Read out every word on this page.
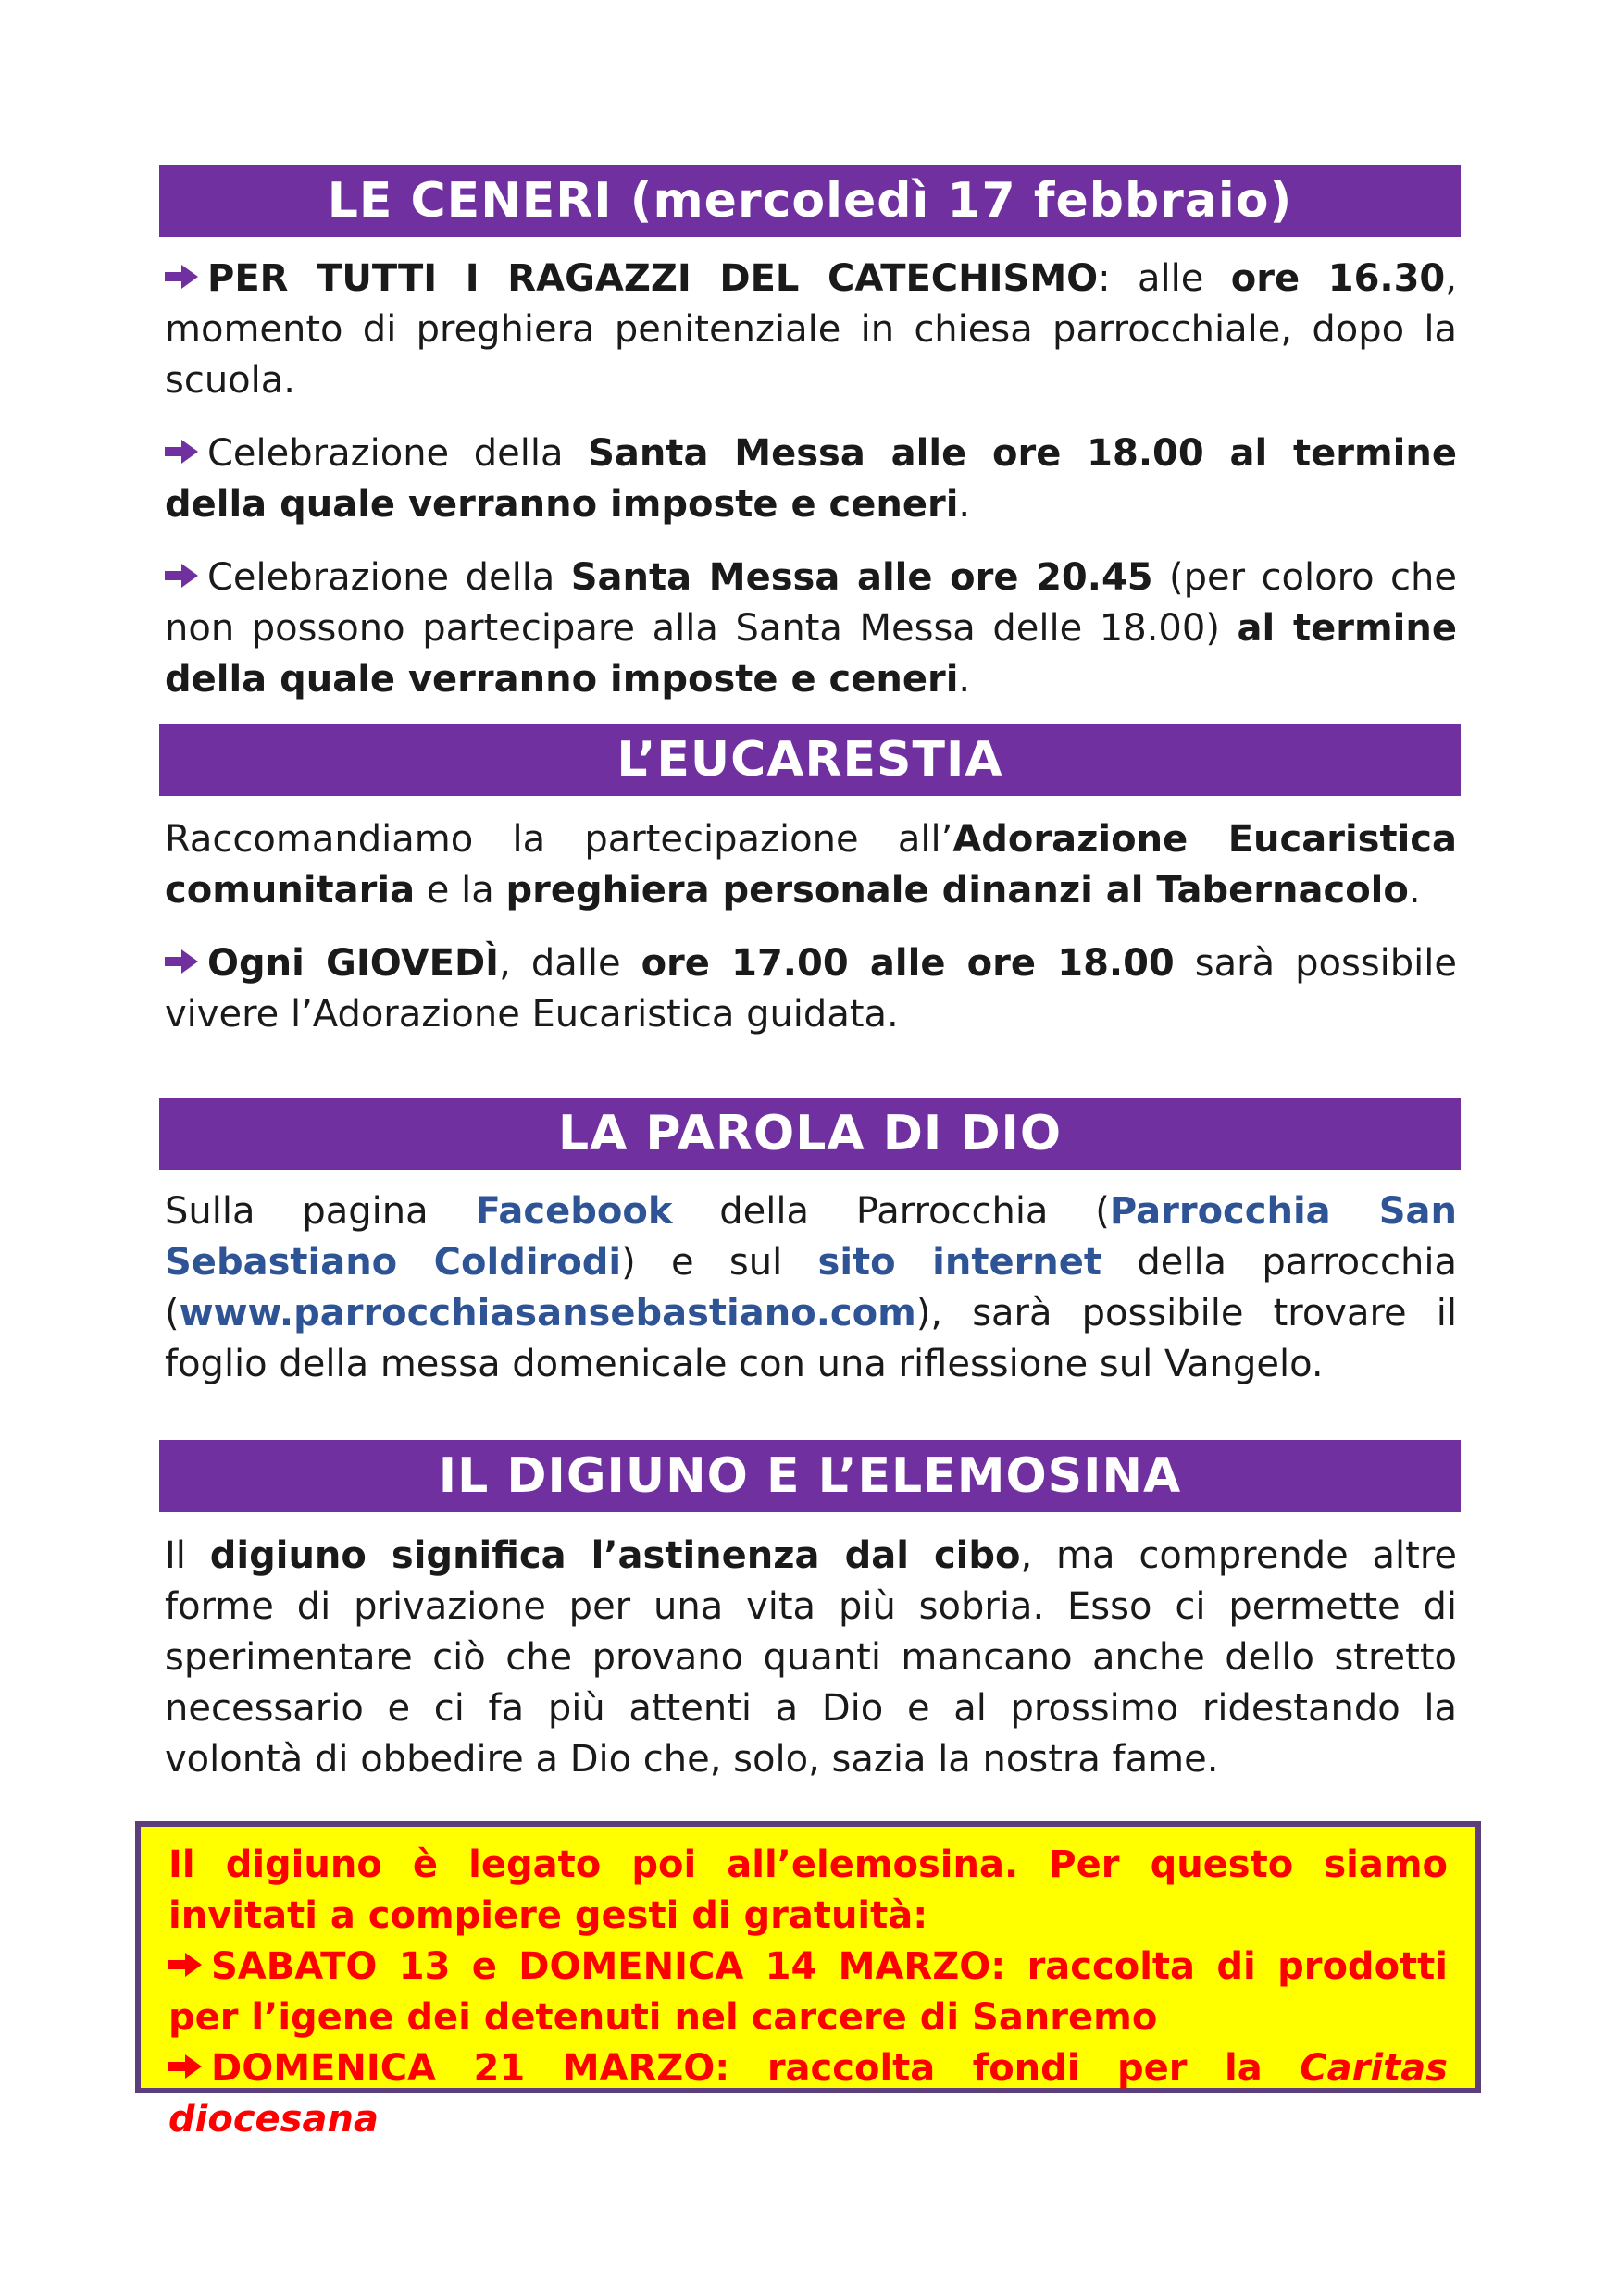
LE CENERI (mercoledì 17 febbraio)

PER TUTTI I RAGAZZI DEL CATECHISMO: alle ore 16.30, momento di preghiera penitenziale in chiesa parrocchiale, dopo la scuola.

Celebrazione della Santa Messa alle ore 18.00 al termine della quale verranno imposte e ceneri.

Celebrazione della Santa Messa alle ore 20.45 (per coloro che non possono partecipare alla Santa Messa delle 18.00) al termine della quale verranno imposte e ceneri.

L’EUCARESTIA

Raccomandiamo la partecipazione all’Adorazione Eucaristica comunitaria e la preghiera personale dinanzi al Tabernacolo.

Ogni GIOVEDÌ, dalle ore 17.00 alle ore 18.00 sarà possibile vivere l’Adorazione Eucaristica guidata.

LA PAROLA DI DIO

Sulla pagina Facebook della Parrocchia (Parrocchia San Sebastiano Coldirodi) e sul sito internet della parrocchia (www.parrocchiasansebastiano.com), sarà possibile trovare il foglio della messa domenicale con una riflessione sul Vangelo.

IL DIGIUNO E L’ELEMOSINA

Il digiuno significa l’astinenza dal cibo, ma comprende altre forme di privazione per una vita più sobria. Esso ci permette di sperimentare ciò che provano quanti mancano anche dello stretto necessario e ci fa più attenti a Dio e al prossimo ridestando la volontà di obbedire a Dio che, solo, sazia la nostra fame.

Il digiuno è legato poi all’elemosina. Per questo siamo invitati a compiere gesti di gratuità:

SABATO 13 e DOMENICA 14 MARZO: raccolta di prodotti per l’igene dei detenuti nel carcere di Sanremo

DOMENICA 21 MARZO: raccolta fondi per la Caritas diocesana
